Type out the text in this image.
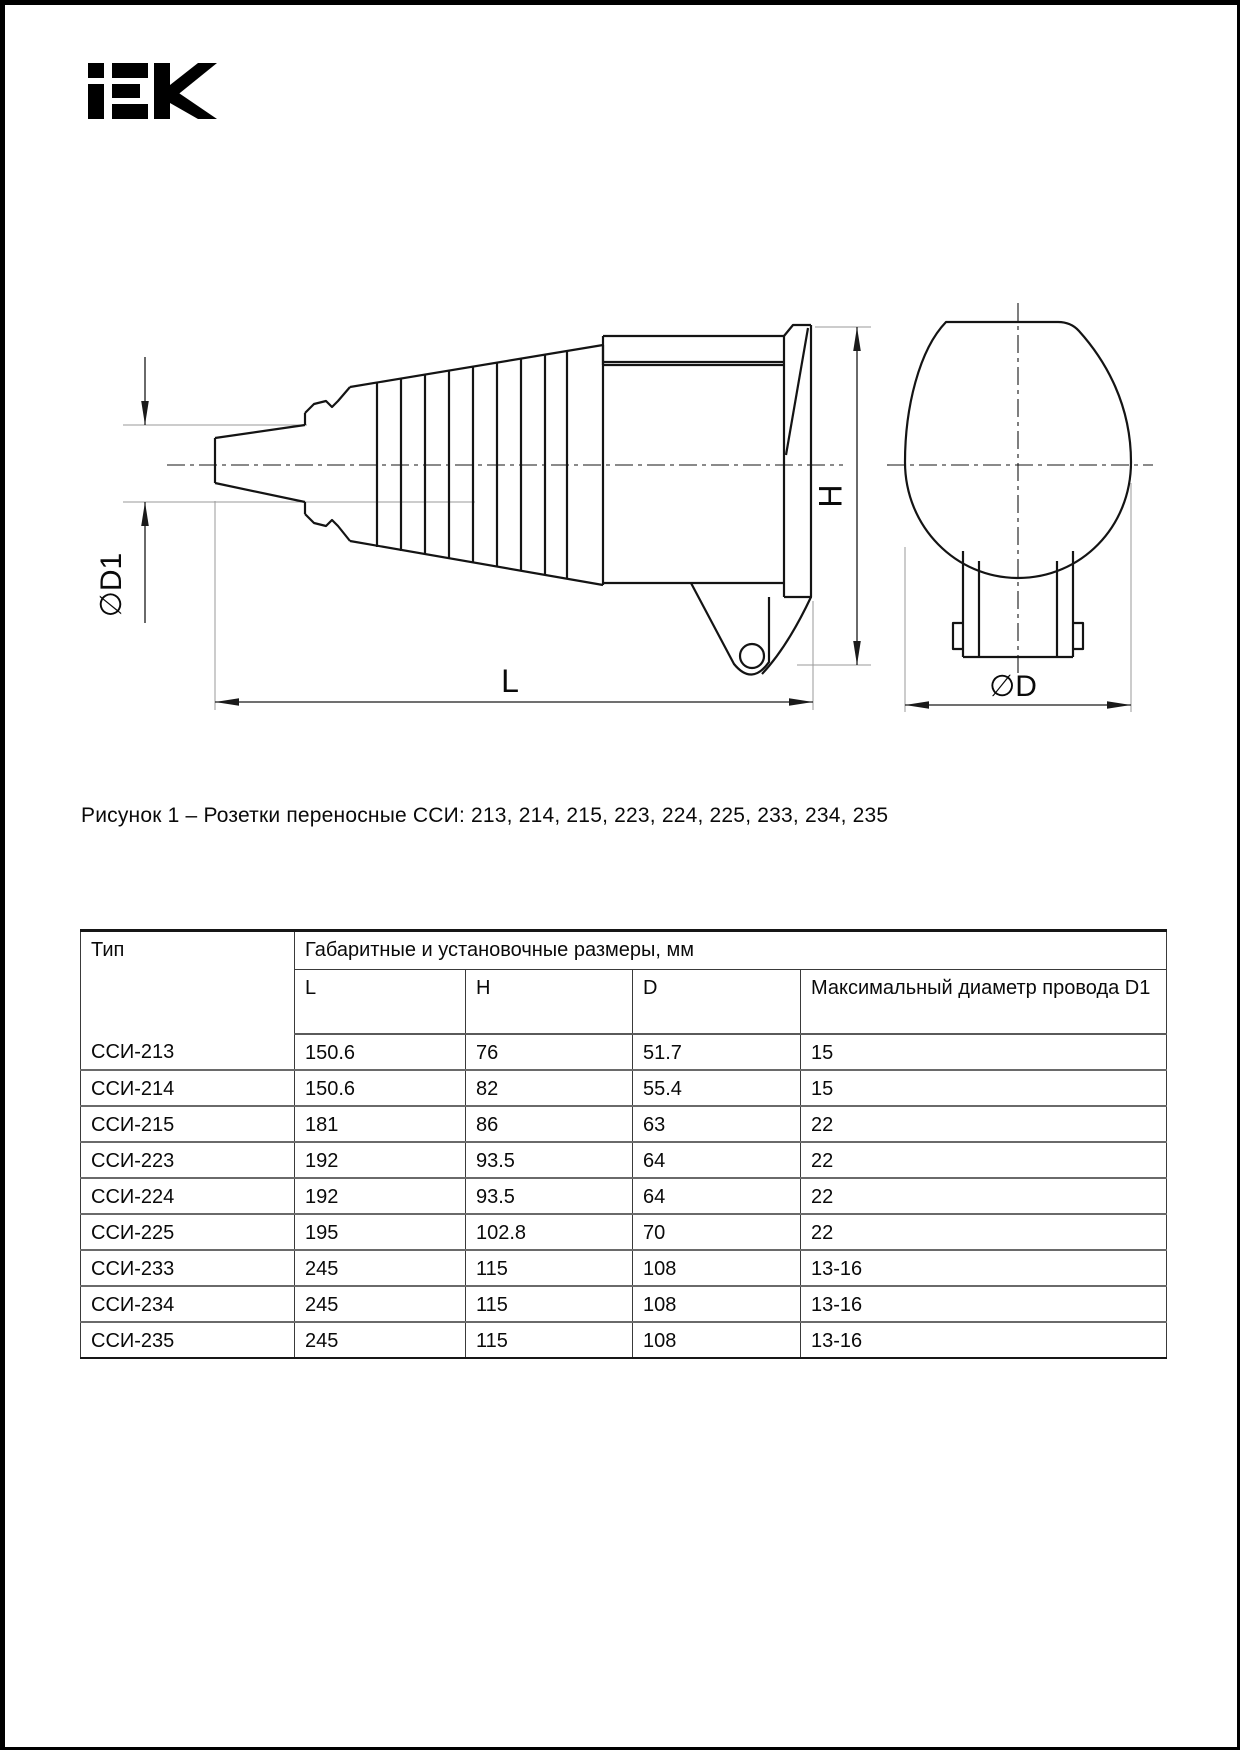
∅D1
L
H
∅D
Рисунок 1 – Розетки переносные ССИ: 213, 214, 215, 223, 224, 225, 233, 234, 235
Тип	Габаритные и установочные размеры, мм			
	L	H	D	Максимальный диаметр провода D1
ССИ-213	150.6	76	51.7	15
ССИ-214	150.6	82	55.4	15
ССИ-215	181	86	63	22
ССИ-223	192	93.5	64	22
ССИ-224	192	93.5	64	22
ССИ-225	195	102.8	70	22
ССИ-233	245	115	108	13-16
ССИ-234	245	115	108	13-16
ССИ-235	245	115	108	13-16
